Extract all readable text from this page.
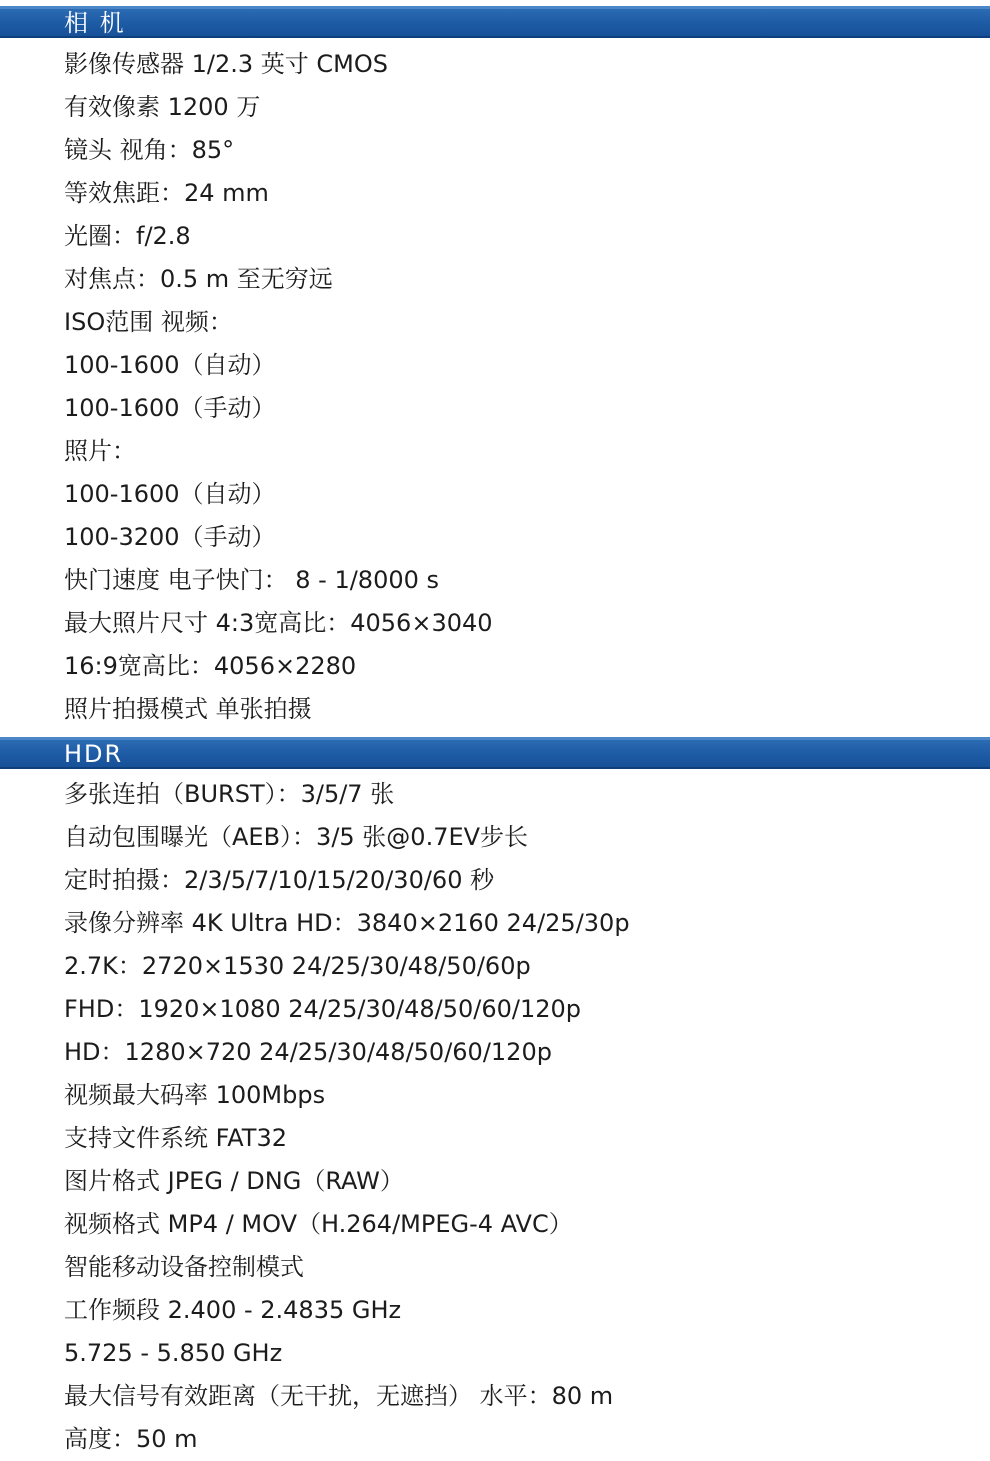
相 机
影像传感器 1/2.3 英寸 CMOS
有效像素 1200 万
镜头 视角：85°
等效焦距：24 mm
光圈：f/2.8
对焦点：0.5 m 至无穷远
ISO范围 视频：
100-1600（自动）
100-1600（手动）
照片：
100-1600（自动）
100-3200（手动）
快门速度 电子快门： 8 - 1/8000 s
最大照片尺寸 4:3宽高比：4056×3040
16:9宽高比：4056×2280
照片拍摄模式 单张拍摄
HDR
多张连拍（BURST）：3/5/7 张
自动包围曝光（AEB）：3/5 张@0.7EV步长
定时拍摄：2/3/5/7/10/15/20/30/60 秒
录像分辨率 4K Ultra HD：3840×2160 24/25/30p
2.7K：2720×1530 24/25/30/48/50/60p
FHD：1920×1080 24/25/30/48/50/60/120p
HD：1280×720 24/25/30/48/50/60/120p
视频最大码率 100Mbps
支持文件系统 FAT32
图片格式 JPEG / DNG（RAW）
视频格式 MP4 / MOV（H.264/MPEG-4 AVC）
智能移动设备控制模式
工作频段 2.400 - 2.4835 GHz
5.725 - 5.850 GHz
最大信号有效距离（无干扰，无遮挡） 水平：80 m
高度：50 m
